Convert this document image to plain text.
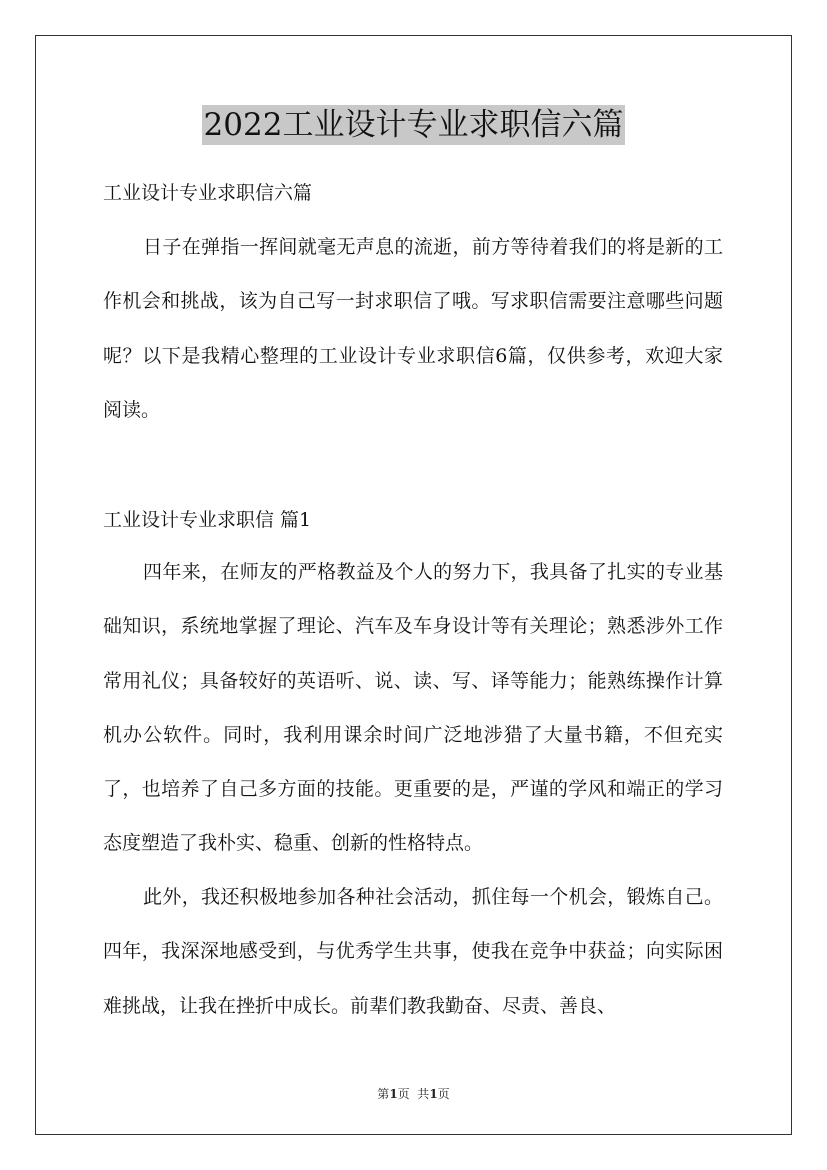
2022工业设计专业求职信六篇
工业设计专业求职信六篇

日子在弹指一挥间就毫无声息的流逝，前方等待着我们的将是新的工作机会和挑战，该为自己写一封求职信了哦。写求职信需要注意哪些问题呢？以下是我精心整理的工业设计专业求职信6篇，仅供参考，欢迎大家阅读。

工业设计专业求职信 篇1

四年来，在师友的严格教益及个人的努力下，我具备了扎实的专业基础知识，系统地掌握了理论、汽车及车身设计等有关理论；熟悉涉外工作常用礼仪；具备较好的英语听、说、读、写、译等能力；能熟练操作计算机办公软件。同时，我利用课余时间广泛地涉猎了大量书籍，不但充实了，也培养了自己多方面的技能。更重要的是，严谨的学风和端正的学习态度塑造了我朴实、稳重、创新的性格特点。

此外，我还积极地参加各种社会活动，抓住每一个机会，锻炼自己。四年，我深深地感受到，与优秀学生共事，使我在竞争中获益；向实际困难挑战，让我在挫折中成长。前辈们教我勤奋、尽责、善良、

第1页  共1页
